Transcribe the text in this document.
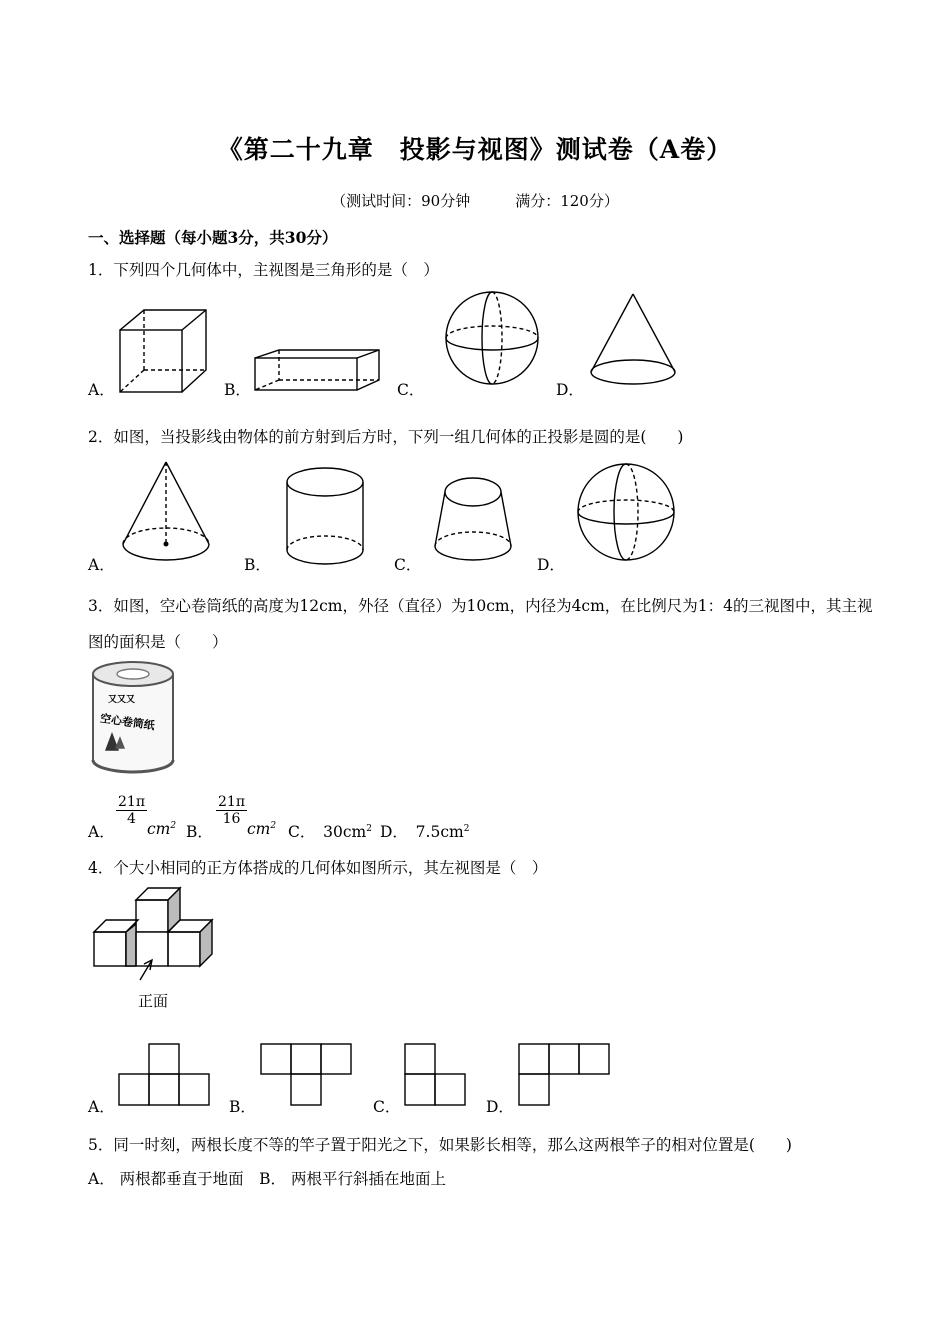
《第二十九章　投影与视图》测试卷（A卷）
（测试时间：90分钟　　　满分：120分）
一、选择题（每小题3分，共30分）
1．下列四个几何体中，主视图是三角形的是（　）
A．	B．	C．	D．
2．如图，当投影线由物体的前方射到后方时，下列一组几何体的正投影是圆的是(　　)
A．	B．	C．	D．
3．如图，空心卷筒纸的高度为12cm，外径（直径）为10cm，内径为4cm，在比例尺为1：4的三视图中，其主视
图的面积是（　　）
又又又
空心卷筒纸
A．
$\frac{21\pi}{4}$
$cm^2$ B．
$\frac{21\pi}{16}$
$cm^2$ C．　$30cm^2$ D．　$7.5cm^2$
4．个大小相同的正方体搭成的几何体如图所示，其左视图是（　）
正面
A．	B．	C．	D．
5．同一时刻，两根长度不等的竿子置于阳光之下，如果影长相等，那么这两根竿子的相对位置是(　　)
A． 两根都垂直于地面　B． 两根平行斜插在地面上
